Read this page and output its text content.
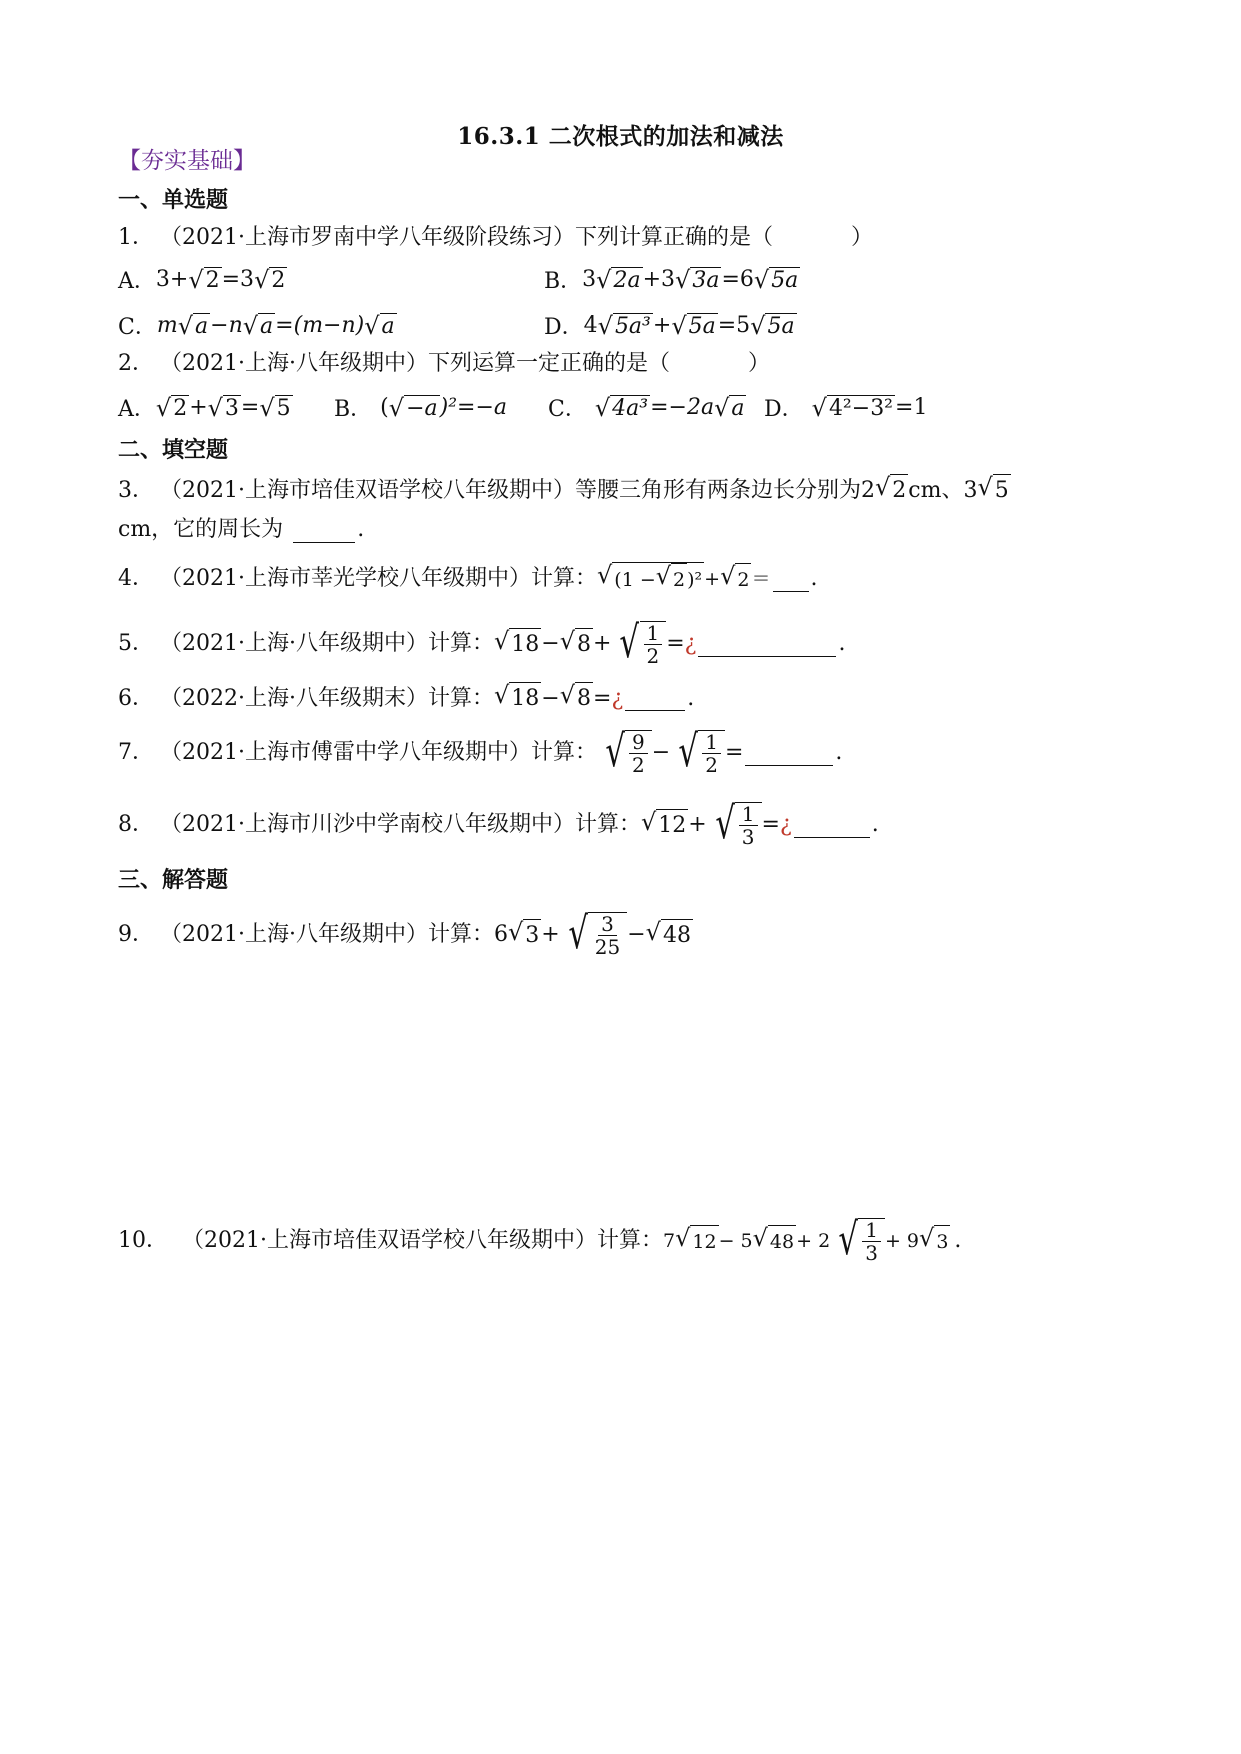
16.3.1 二次根式的加法和减法
【夯实基础】
一、单选题
1． （2021·上海市罗南中学八年级阶段练习）下列计算正确的是（	）
A． 3+ √ 2 =3 √ 2	B． 3 √ 2a +3 √ 3a =6 √ 5a
C． m √ a −n √ a =(m−n) √ a	D． 4 √ 5a³ + √ 5a =5 √ 5a
2． （2021·上海·八年级期中）下列运算一定正确的是（	）
A． √ 2 + √ 3 = √ 5 B． ( √ −a )²=−a C． √ 4a³ =−2a √ a D． √ 4²−3² =1
二、填空题
3． （2021·上海市培佳双语学校八年级期中）等腰三角形有两条边长分别为2 √ 2 cm、3 √ 5
cm，它的周长为	.
4． （2021·上海市莘光学校八年级期中）计算： √ (1 − √ 2 )² + √ 2 ＝ .
5． （2021·上海·八年级期中）计算： √ 18 − √ 8 + √ $\frac{1}{2}$ = ¿	.
6． （2022·上海·八年级期末）计算： √ 18 − √ 8 = ¿	.
7． （2021·上海市傅雷中学八年级期中）计算： √ $\frac{9}{2}$ − √ $\frac{1}{2}$ =	.
8． （2021·上海市川沙中学南校八年级期中）计算： √ 12 + √ $\frac{1}{3}$ = ¿	.
三、解答题
9． （2021·上海·八年级期中）计算： 6 √ 3 + √ $\frac{3}{25}$ − √ 48
10． （2021·上海市培佳双语学校八年级期中）计算： 7 √ 12 − 5 √ 48 + 2 √ $\frac{1}{3} + 9$ √ 3 .
